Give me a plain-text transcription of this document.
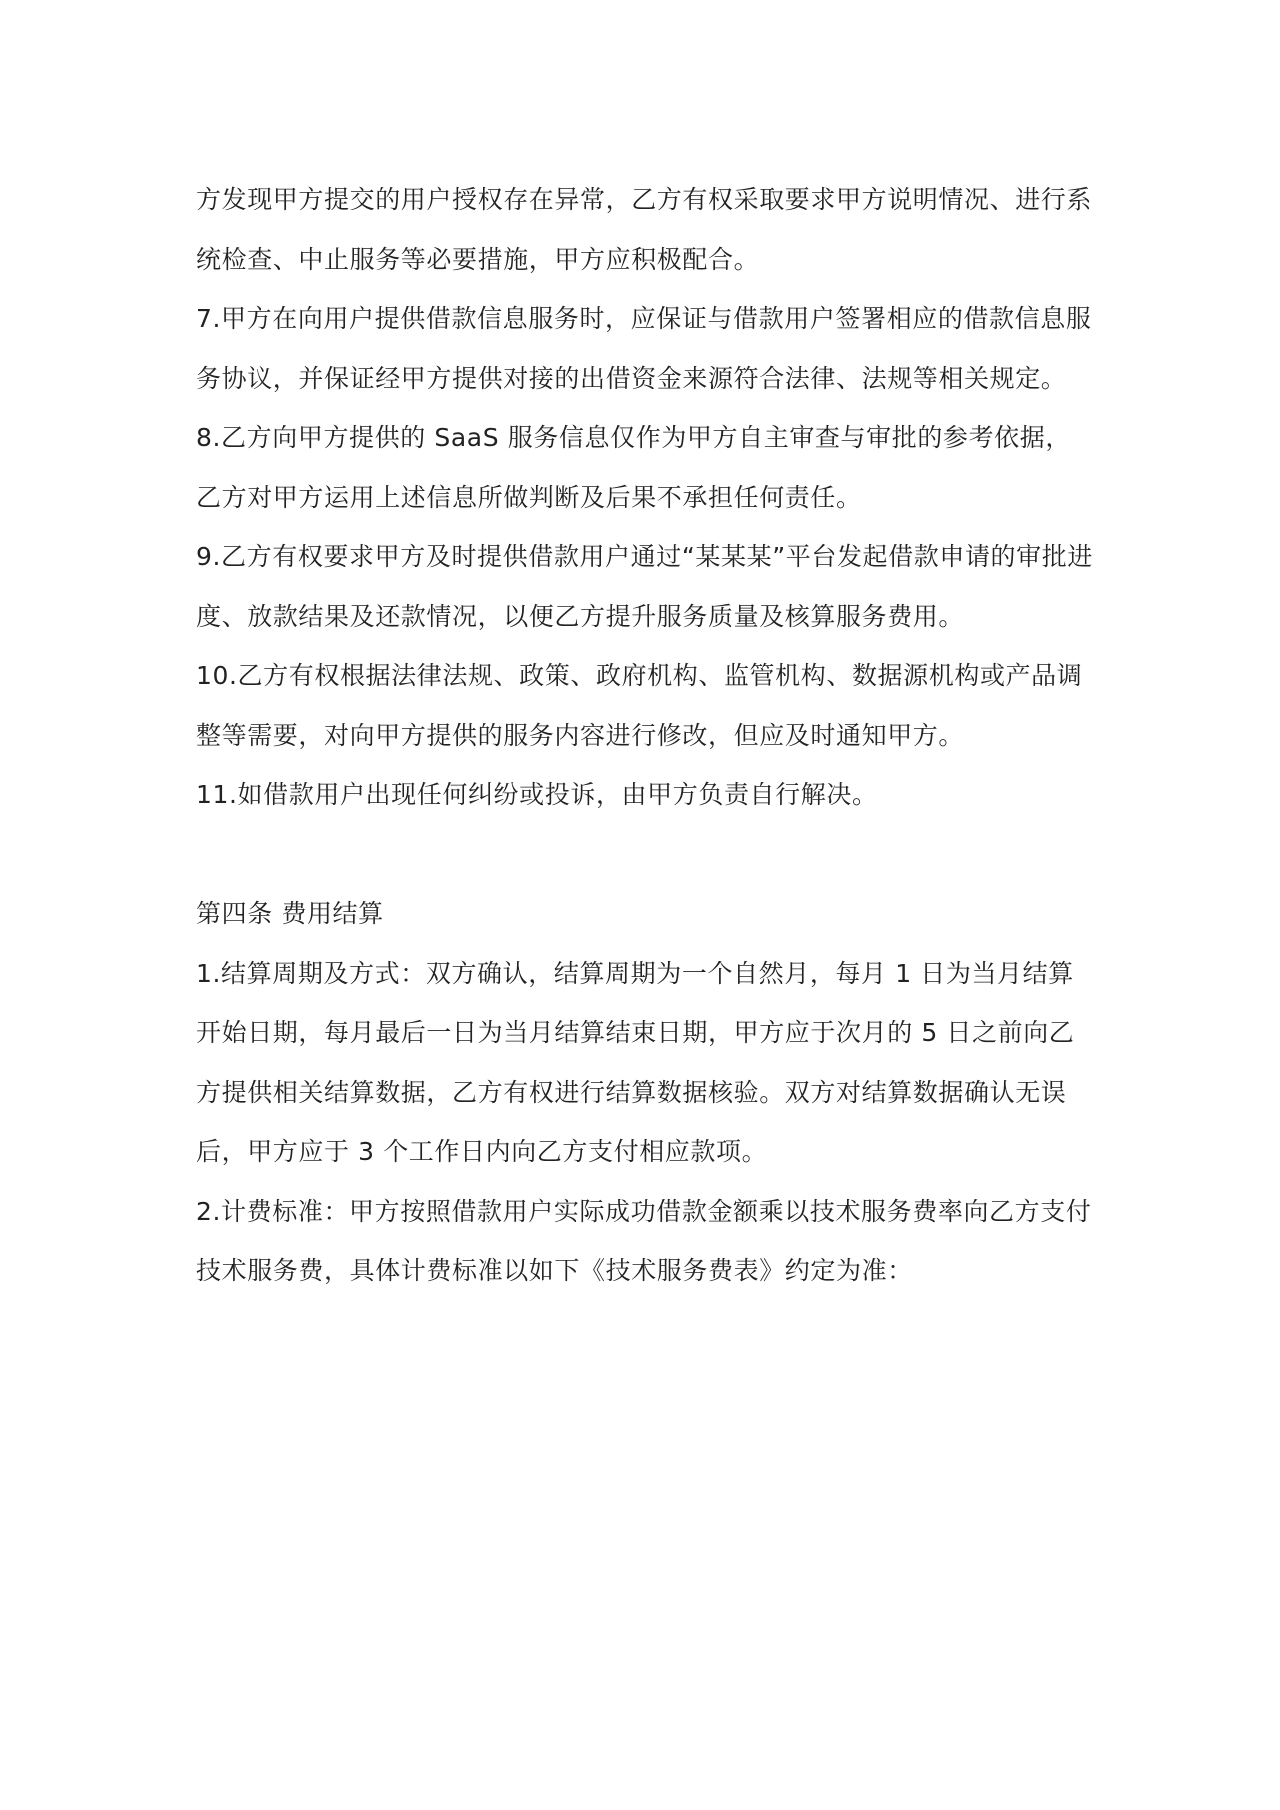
方发现甲方提交的用户授权存在异常，乙方有权采取要求甲方说明情况、进行系统检查、中止服务等必要措施，甲方应积极配合。

7.甲方在向用户提供借款信息服务时，应保证与借款用户签署相应的借款信息服务协议，并保证经甲方提供对接的出借资金来源符合法律、法规等相关规定。

8.乙方向甲方提供的 SaaS 服务信息仅作为甲方自主审查与审批的参考依据，乙方对甲方运用上述信息所做判断及后果不承担任何责任。

9.乙方有权要求甲方及时提供借款用户通过“某某某”平台发起借款申请的审批进度、放款结果及还款情况，以便乙方提升服务质量及核算服务费用。

10.乙方有权根据法律法规、政策、政府机构、监管机构、数据源机构或产品调整等需要，对向甲方提供的服务内容进行修改，但应及时通知甲方。

11.如借款用户出现任何纠纷或投诉，由甲方负责自行解决。

第四条 费用结算

1.结算周期及方式：双方确认，结算周期为一个自然月，每月 1 日为当月结算开始日期，每月最后一日为当月结算结束日期，甲方应于次月的 5 日之前向乙方提供相关结算数据，乙方有权进行结算数据核验。双方对结算数据确认无误后，甲方应于 3 个工作日内向乙方支付相应款项。

2.计费标准：甲方按照借款用户实际成功借款金额乘以技术服务费率向乙方支付技术服务费，具体计费标准以如下《技术服务费表》约定为准：
